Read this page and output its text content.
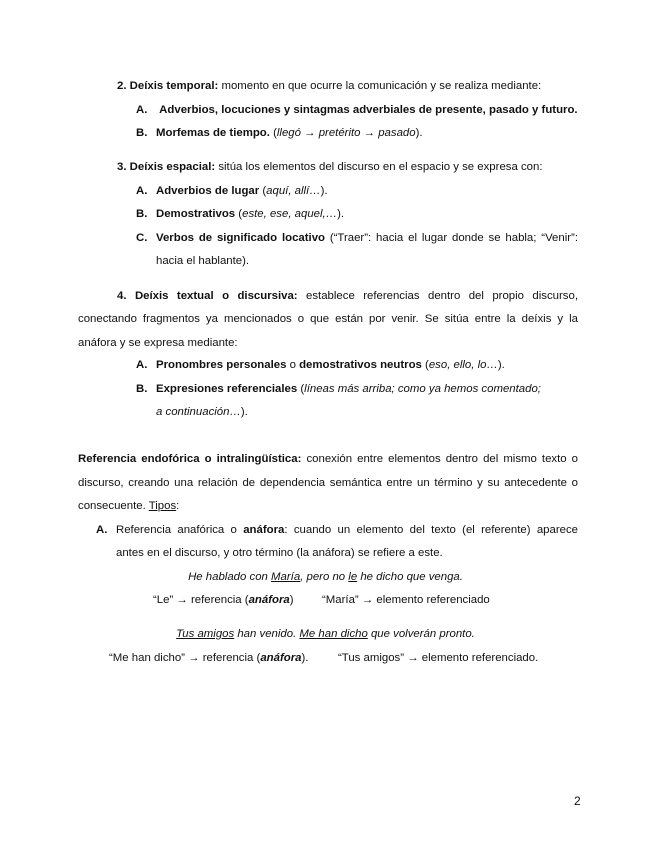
2. Deíxis temporal: momento en que ocurre la comunicación y se realiza mediante:
A. Adverbios, locuciones y sintagmas adverbiales de presente, pasado y futuro.
B. Morfemas de tiempo. (llegó → pretérito → pasado).
3. Deíxis espacial: sitúa los elementos del discurso en el espacio y se expresa con:
A. Adverbios de lugar (aquí, allí…).
B. Demostrativos (este, ese, aquel,…).
C. Verbos de significado locativo (“Traer”: hacia el lugar donde se habla; “Venir”:
hacia el hablante).
4. Deíxis textual o discursiva: establece referencias dentro del propio discurso,
conectando fragmentos ya mencionados o que están por venir. Se sitúa entre la deíxis y la
anáfora y se expresa mediante:
A. Pronombres personales o demostrativos neutros (eso, ello, lo…).
B. Expresiones referenciales (líneas más arriba; como ya hemos comentado;
a continuación…).
Referencia endofórica o intralingüística: conexión entre elementos dentro del mismo texto o
discurso, creando una relación de dependencia semántica entre un término y su antecedente o
consecuente. Tipos:
A. Referencia anafórica o anáfora: cuando un elemento del texto (el referente) aparece
antes en el discurso, y otro término (la anáfora) se refiere a este.
He hablado con María, pero no le he dicho que venga.
“Le” → referencia (anáfora) “María” → elemento referenciado
Tus amigos han venido. Me han dicho que volverán pronto.
“Me han dicho” → referencia (anáfora).	“Tus amigos” → elemento referenciado.
2
